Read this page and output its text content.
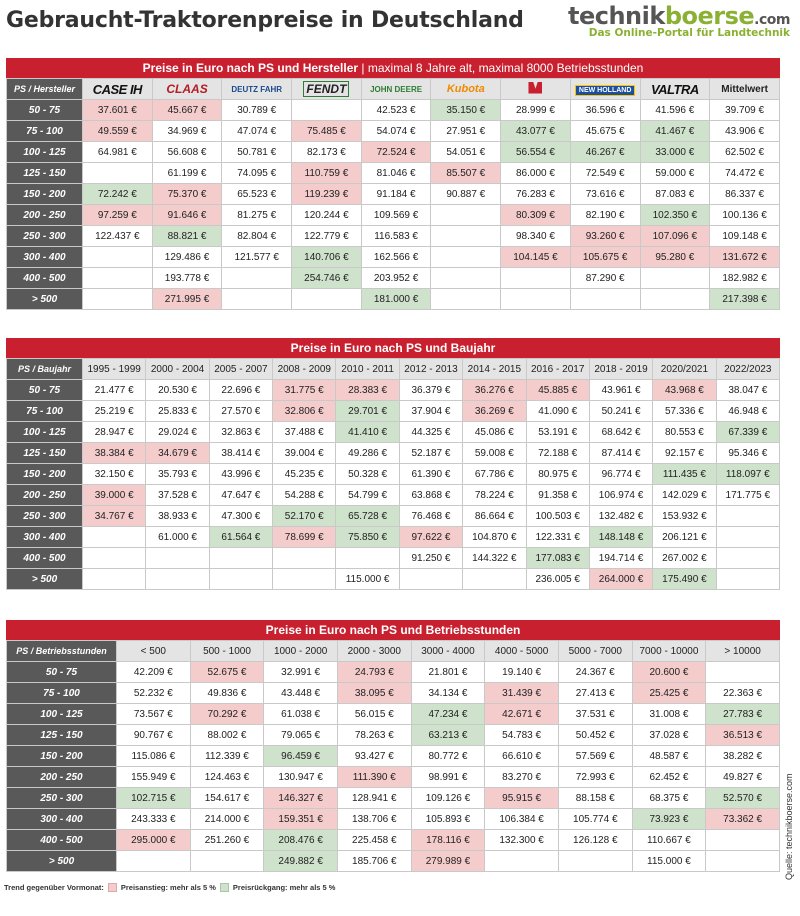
Gebraucht-Traktorenpreise in Deutschland technikboerse.com
Das Online-Portal für Landtechnik
Preise in Euro nach PS und Hersteller | maximal 8 Jahre alt, maximal 8000 Betriebsstunden
PS / Hersteller	CASE IH	CLAAS	DEUTZ FAHR	FENDT	JOHN DEERE	Kubota		NEW HOLLAND	VALTRA	Mittelwert
50 - 75	37.601 €	45.667 €	30.789 €		42.523 €	35.150 €	28.999 €	36.596 €	41.596 €	39.709 €
75 - 100	49.559 €	34.969 €	47.074 €	75.485 €	54.074 €	27.951 €	43.077 €	45.675 €	41.467 €	43.906 €
100 - 125	64.981 €	56.608 €	50.781 €	82.173 €	72.524 €	54.051 €	56.554 €	46.267 €	33.000 €	62.502 €
125 - 150		61.199 €	74.095 €	110.759 €	81.046 €	85.507 €	86.000 €	72.549 €	59.000 €	74.472 €
150 - 200	72.242 €	75.370 €	65.523 €	119.239 €	91.184 €	90.887 €	76.283 €	73.616 €	87.083 €	86.337 €
200 - 250	97.259 €	91.646 €	81.275 €	120.244 €	109.569 €		80.309 €	82.190 €	102.350 €	100.136 €
250 - 300	122.437 €	88.821 €	82.804 €	122.779 €	116.583 €		98.340 €	93.260 €	107.096 €	109.148 €
300 - 400		129.486 €	121.577 €	140.706 €	162.566 €		104.145 €	105.675 €	95.280 €	131.672 €
400 - 500		193.778 €		254.746 €	203.952 €			87.290 €		182.982 €
> 500		271.995 €			181.000 €					217.398 €
Preise in Euro nach PS und Baujahr
PS / Baujahr	1995 - 1999	2000 - 2004	2005 - 2007	2008 - 2009	2010 - 2011	2012 - 2013	2014 - 2015	2016 - 2017	2018 - 2019	2020/2021	2022/2023
50 - 75	21.477 €	20.530 €	22.696 €	31.775 €	28.383 €	36.379 €	36.276 €	45.885 €	43.961 €	43.968 €	38.047 €
75 - 100	25.219 €	25.833 €	27.570 €	32.806 €	29.701 €	37.904 €	36.269 €	41.090 €	50.241 €	57.336 €	46.948 €
100 - 125	28.947 €	29.024 €	32.863 €	37.488 €	41.410 €	44.325 €	45.086 €	53.191 €	68.642 €	80.553 €	67.339 €
125 - 150	38.384 €	34.679 €	38.414 €	39.004 €	49.286 €	52.187 €	59.008 €	72.188 €	87.414 €	92.157 €	95.346 €
150 - 200	32.150 €	35.793 €	43.996 €	45.235 €	50.328 €	61.390 €	67.786 €	80.975 €	96.774 €	111.435 €	118.097 €
200 - 250	39.000 €	37.528 €	47.647 €	54.288 €	54.799 €	63.868 €	78.224 €	91.358 €	106.974 €	142.029 €	171.775 €
250 - 300	34.767 €	38.933 €	47.300 €	52.170 €	65.728 €	76.468 €	86.664 €	100.503 €	132.482 €	153.932 €	
300 - 400		61.000 €	61.564 €	78.699 €	75.850 €	97.622 €	104.870 €	122.331 €	148.148 €	206.121 €	
400 - 500						91.250 €	144.322 €	177.083 €	194.714 €	267.002 €	
> 500					115.000 €			236.005 €	264.000 €	175.490 €	
Preise in Euro nach PS und Betriebsstunden
PS / Betriebsstunden	< 500	500 - 1000	1000 - 2000	2000 - 3000	3000 - 4000	4000 - 5000	5000 - 7000	7000 - 10000	> 10000
50 - 75	42.209 €	52.675 €	32.991 €	24.793 €	21.801 €	19.140 €	24.367 €	20.600 €	
75 - 100	52.232 €	49.836 €	43.448 €	38.095 €	34.134 €	31.439 €	27.413 €	25.425 €	22.363 €
100 - 125	73.567 €	70.292 €	61.038 €	56.015 €	47.234 €	42.671 €	37.531 €	31.008 €	27.783 €
125 - 150	90.767 €	88.002 €	79.065 €	78.263 €	63.213 €	54.783 €	50.452 €	37.028 €	36.513 €
150 - 200	115.086 €	112.339 €	96.459 €	93.427 €	80.772 €	66.610 €	57.569 €	48.587 €	38.282 €
200 - 250	155.949 €	124.463 €	130.947 €	111.390 €	98.991 €	83.270 €	72.993 €	62.452 €	49.827 €
250 - 300	102.715 €	154.617 €	146.327 €	128.941 €	109.126 €	95.915 €	88.158 €	68.375 €	52.570 €
300 - 400	243.333 €	214.000 €	159.351 €	138.706 €	105.893 €	106.384 €	105.774 €	73.923 €	73.362 €
400 - 500	295.000 €	251.260 €	208.476 €	225.458 €	178.116 €	132.300 €	126.128 €	110.667 €	
> 500			249.882 €	185.706 €	279.989 €			115.000 €	
Trend gegenüber Vormonat: Preisanstieg: mehr als 5 % Preisrückgang: mehr als 5 %
Quelle: technikboerse.com
